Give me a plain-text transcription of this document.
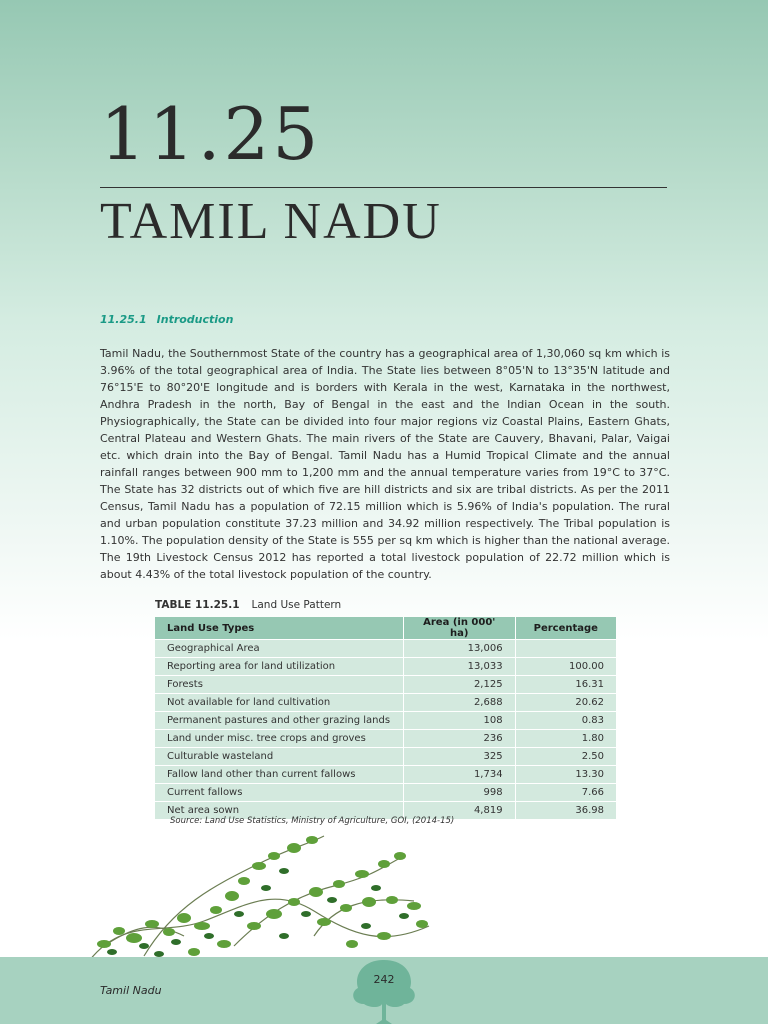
11.25
TAMIL NADU
11.25.1 Introduction
Tamil Nadu, the Southernmost State of the country has a geographical area of 1,30,060 sq km which is 3.96% of the total geographical area of India. The State lies between 8°05'N to 13°35'N latitude and 76°15'E to 80°20'E longitude and is borders with Kerala in the west, Karnataka in the northwest, Andhra Pradesh in the north, Bay of Bengal in the east and the Indian Ocean in the south. Physiographically, the State can be divided into four major regions viz Coastal Plains, Eastern Ghats, Central Plateau and Western Ghats. The main rivers of the State are Cauvery, Bhavani, Palar, Vaigai etc. which drain into the Bay of Bengal. Tamil Nadu has a Humid Tropical Climate and the annual rainfall ranges between 900 mm to 1,200 mm and the annual temperature varies from 19°C to 37°C. The State has 32 districts out of which five are hill districts and six are tribal districts. As per the 2011 Census, Tamil Nadu has a population of 72.15 million which is 5.96% of India's population. The rural and urban population constitute 37.23 million and 34.92 million respectively. The Tribal population is 1.10%. The population density of the State is 555 per sq km which is higher than the national average. The 19th Livestock Census 2012 has reported a total livestock population of 22.72 million which is about 4.43% of the total livestock population of the country.
TABLE 11.25.1 Land Use Pattern
Land Use Types	Area (in 000' ha)	Percentage
Geographical Area	13,006	
Reporting area for land utilization	13,033	100.00
Forests	2,125	16.31
Not available for land cultivation	2,688	20.62
Permanent pastures and other grazing lands	108	0.83
Land under misc. tree crops and groves	236	1.80
Culturable wasteland	325	2.50
Fallow land other than current fallows	1,734	13.30
Current fallows	998	7.66
Net area sown	4,819	36.98
Source: Land Use Statistics, Ministry of Agriculture, GOI, (2014-15)
Tamil Nadu
242
